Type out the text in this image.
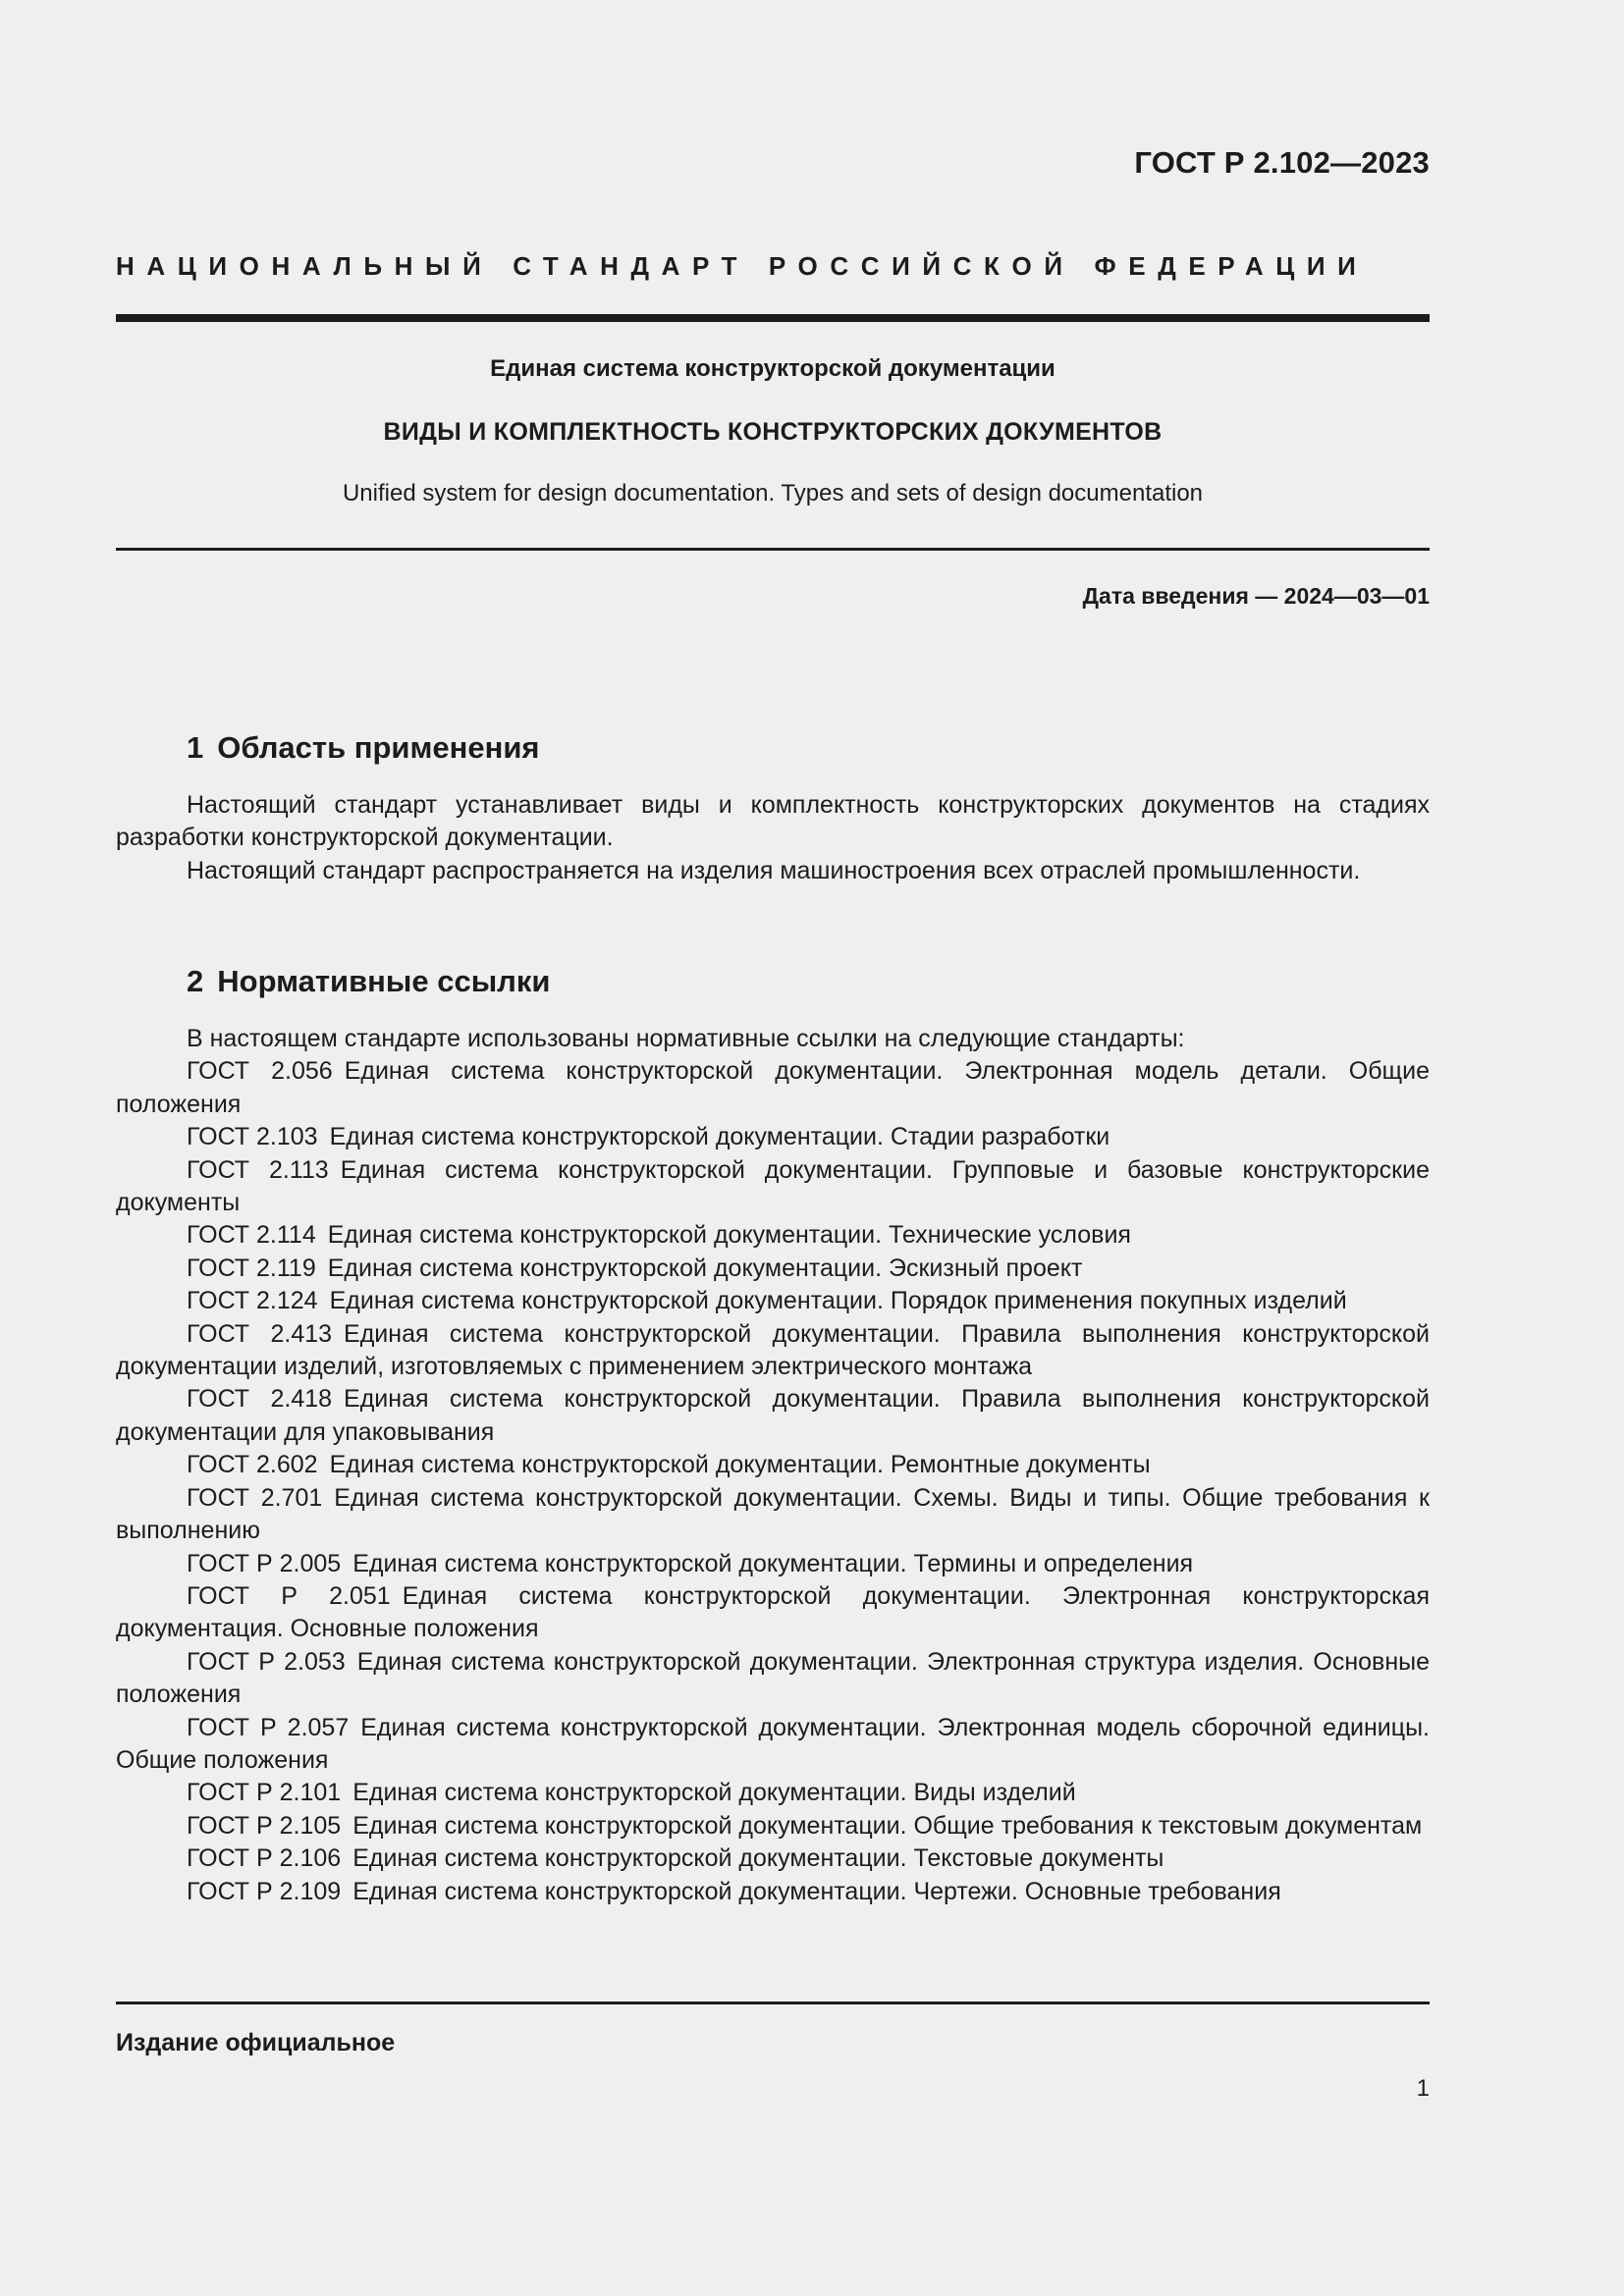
ГОСТ Р 2.102—2023
НАЦИОНАЛЬНЫЙ СТАНДАРТ РОССИЙСКОЙ ФЕДЕРАЦИИ
Единая система конструкторской документации
ВИДЫ И КОМПЛЕКТНОСТЬ КОНСТРУКТОРСКИХ ДОКУМЕНТОВ
Unified system for design documentation. Types and sets of design documentation
Дата введения — 2024—03—01
1 Область применения

Настоящий стандарт устанавливает виды и комплектность конструкторских документов на стадиях разработки конструкторской документации.

Настоящий стандарт распространяется на изделия машиностроения всех отраслей промышленности.

2 Нормативные ссылки

В настоящем стандарте использованы нормативные ссылки на следующие стандарты:

ГОСТ 2.056 Единая система конструкторской документации. Электронная модель детали. Общие положения
ГОСТ 2.103 Единая система конструкторской документации. Стадии разработки
ГОСТ 2.113 Единая система конструкторской документации. Групповые и базовые конструкторские документы
ГОСТ 2.114 Единая система конструкторской документации. Технические условия
ГОСТ 2.119 Единая система конструкторской документации. Эскизный проект
ГОСТ 2.124 Единая система конструкторской документации. Порядок применения покупных изделий
ГОСТ 2.413 Единая система конструкторской документации. Правила выполнения конструкторской документации изделий, изготовляемых с применением электрического монтажа
ГОСТ 2.418 Единая система конструкторской документации. Правила выполнения конструкторской документации для упаковывания
ГОСТ 2.602 Единая система конструкторской документации. Ремонтные документы
ГОСТ 2.701 Единая система конструкторской документации. Схемы. Виды и типы. Общие требования к выполнению
ГОСТ Р 2.005 Единая система конструкторской документации. Термины и определения
ГОСТ Р 2.051 Единая система конструкторской документации. Электронная конструкторская документация. Основные положения
ГОСТ Р 2.053 Единая система конструкторской документации. Электронная структура изделия. Основные положения
ГОСТ Р 2.057 Единая система конструкторской документации. Электронная модель сборочной единицы. Общие положения
ГОСТ Р 2.101 Единая система конструкторской документации. Виды изделий
ГОСТ Р 2.105 Единая система конструкторской документации. Общие требования к текстовым документам
ГОСТ Р 2.106 Единая система конструкторской документации. Текстовые документы
ГОСТ Р 2.109 Единая система конструкторской документации. Чертежи. Основные требования
Издание официальное
1
